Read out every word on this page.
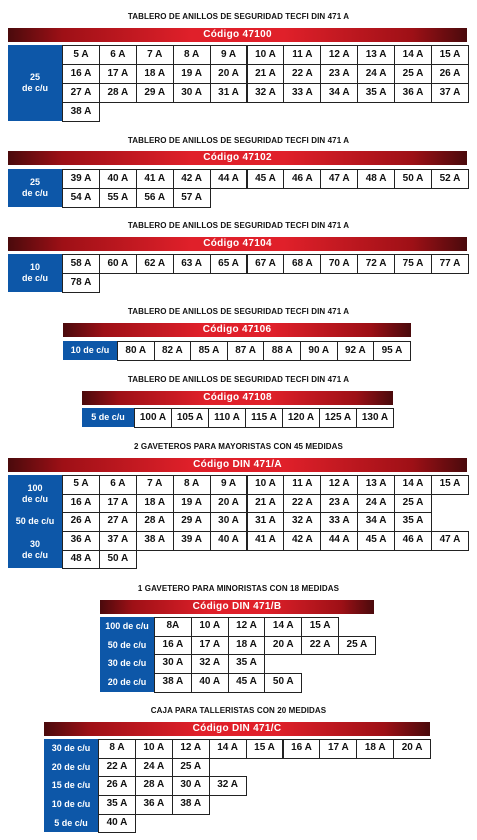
TABLERO DE ANILLOS DE SEGURIDAD TECFI DIN 471 A
Código 47100
25
de c/u
5 A	6 A	7 A	8 A	9 A	10 A	11 A	12 A	13 A	14 A	15 A
16 A	17 A	18 A	19 A	20 A	21 A	22 A	23 A	24 A	25 A	26 A
27 A	28 A	29 A	30 A	31 A	32 A	33 A	34 A	35 A	36 A	37 A
38 A
TABLERO DE ANILLOS DE SEGURIDAD TECFI DIN 471 A
Código 47102
25
de c/u
39 A	40 A	41 A	42 A	44 A	45 A	46 A	47 A	48 A	50 A	52 A
54 A	55 A	56 A	57 A
TABLERO DE ANILLOS DE SEGURIDAD TECFI DIN 471 A
Código 47104
10
de c/u
58 A	60 A	62 A	63 A	65 A	67 A	68 A	70 A	72 A	75 A	77 A
78 A
TABLERO DE ANILLOS DE SEGURIDAD TECFI DIN 471 A
Código 47106
10 de c/u	80 A	82 A	85 A	87 A	88 A	90 A	92 A	95 A
TABLERO DE ANILLOS DE SEGURIDAD TECFI DIN 471 A
Código 47108
5 de c/u	100 A	105 A	110 A	115 A	120 A	125 A	130 A
2 GAVETEROS PARA MAYORISTAS CON 45 MEDIDAS
Código DIN 471/A
100
de c/u
5 A	6 A	7 A	8 A	9 A	10 A	11 A	12 A	13 A	14 A	15 A
16 A	17 A	18 A	19 A	20 A	21 A	22 A	23 A	24 A	25 A
50 de c/u	26 A	27 A	28 A	29 A	30 A	31 A	32 A	33 A	34 A	35 A
30
de c/u
36 A	37 A	38 A	39 A	40 A	41 A	42 A	44 A	45 A	46 A	47 A
48 A	50 A
1 GAVETERO PARA MINORISTAS CON 18 MEDIDAS
Código DIN 471/B
100 de c/u	8A	10 A	12 A	14 A	15 A
50 de c/u	16 A	17 A	18 A	20 A	22 A	25 A
30 de c/u	30 A	32 A	35 A
20 de c/u	38 A	40 A	45 A	50 A
CAJA PARA TALLERISTAS CON 20 MEDIDAS
Código DIN 471/C
30 de c/u	8 A	10 A	12 A	14 A	15 A	16 A	17 A	18 A	20 A
20 de c/u	22 A	24 A	25 A
15 de c/u	26 A	28 A	30 A	32 A
10 de c/u	35 A	36 A	38 A
5 de c/u	40 A
